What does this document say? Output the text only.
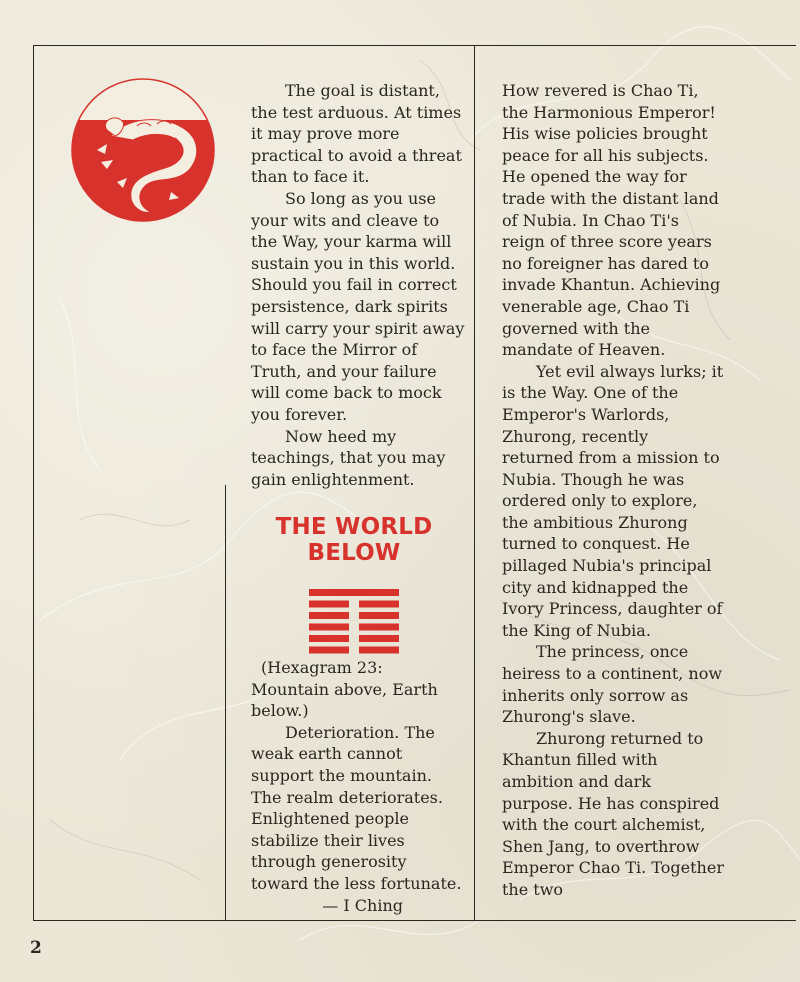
The goal is distant, the test arduous. At times it may prove more practical to avoid a threat than to face it.

So long as you use your wits and cleave to the Way, your karma will sustain you in this world. Should you fail in correct persistence, dark spirits will carry your spirit away to face the Mirror of Truth, and your failure will come back to mock you forever.

Now heed my teachings, that you may gain enlightenment.

THE WORLD
BELOW

(Hexagram 23: Mountain above, Earth below.)

Deterioration. The weak earth cannot support the mountain. The realm deteriorates. Enlightened people stabilize their lives through generosity toward the less fortunate.

— I Ching

How revered is Chao Ti, the Harmonious Emperor! His wise policies brought peace for all his subjects. He opened the way for trade with the distant land of Nubia. In Chao Ti's reign of three score years no foreigner has dared to invade Khantun. Achieving venerable age, Chao Ti governed with the mandate of Heaven.

Yet evil always lurks; it is the Way. One of the Emperor's Warlords, Zhurong, recently returned from a mission to Nubia. Though he was ordered only to explore, the ambitious Zhurong turned to conquest. He pillaged Nubia's principal city and kidnapped the Ivory Princess, daughter of the King of Nubia.

The princess, once heiress to a continent, now inherits only sorrow as Zhurong's slave.

Zhurong returned to Khantun filled with ambition and dark purpose. He has conspired with the court alchemist, Shen Jang, to overthrow Emperor Chao Ti. Together the two

2
